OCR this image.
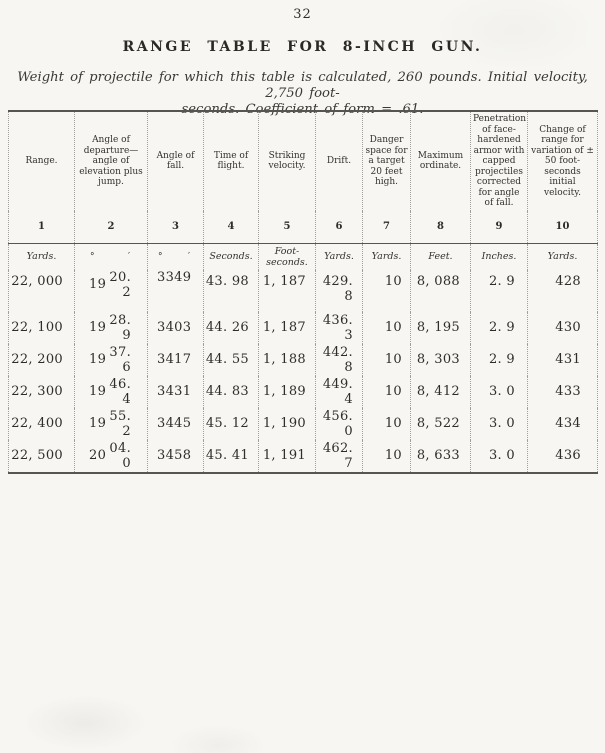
32
RANGE TABLE FOR 8-INCH GUN.
Weight of projectile for which this table is calculated, 260 pounds. Initial velocity, 2,750 foot-
seconds. Coefficient of form = .61.
Range.	Angle of departure—angle of elevation plus jump.	Angle of fall.	Time of flight.	Striking velocity.	Drift.	Danger space for a target 20 feet high.	Maximum ordinate.	Penetration of face-hardened armor with capped projectiles corrected for angle of fall.	Change of range for variation of ± 50 foot-seconds initial velocity.
1	2	3	4	5	6	7	8	9	10
Yards.	° ′	° ′	Seconds.	Foot-seconds.	Yards.	Yards.	Feet.	Inches.	Yards.
22, 000	19 20. 2	33 49	43. 98	1, 187	429. 8	10	8, 088	2. 9	428
22, 100	19 28. 9	34 03	44. 26	1, 187	436. 3	10	8, 195	2. 9	430
22, 200	19 37. 6	34 17	44. 55	1, 188	442. 8	10	8, 303	2. 9	431
22, 300	19 46. 4	34 31	44. 83	1, 189	449. 4	10	8, 412	3. 0	433
22, 400	19 55. 2	34 45	45. 12	1, 190	456. 0	10	8, 522	3. 0	434
22, 500	20 04. 0	34 58	45. 41	1, 191	462. 7	10	8, 633	3. 0	436
